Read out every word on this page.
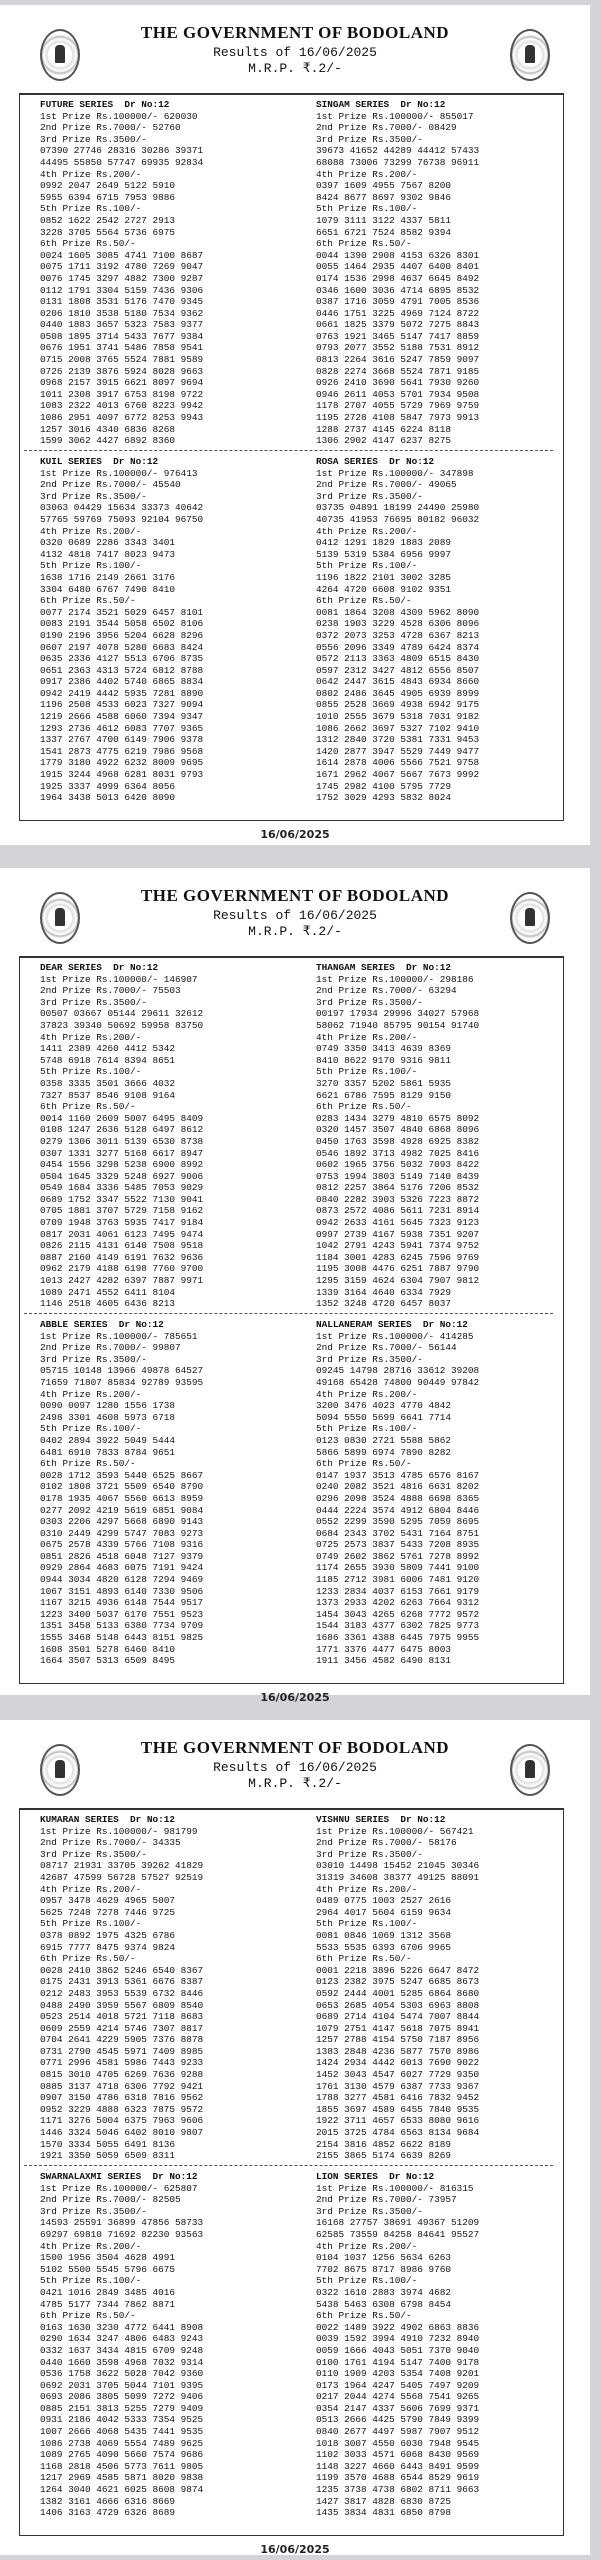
THE GOVERNMENT OF BODOLAND
Results of 16/06/2025
M.R.P. ₹.2/-
FUTURE SERIES  Dr No:12
1st Prize Rs.100000/- 620030
2nd Prize Rs.7000/- 52760
3rd Prize Rs.3500/-
07390 27746 28316 30286 39371
44495 55850 57747 69935 92834
4th Prize Rs.200/-
0992 2047 2649 5122 5910
5955 6394 6715 7953 9886
5th Prize Rs.100/-
0852 1622 2542 2727 2913
3228 3705 5564 5736 6975
6th Prize Rs.50/-
0024 1605 3085 4741 7100 8687
0075 1711 3192 4780 7269 9047
0076 1745 3297 4882 7300 9287
0112 1791 3304 5159 7436 9306
0131 1808 3531 5176 7470 9345
0206 1810 3538 5180 7534 9362
0440 1883 3657 5323 7583 9377
0508 1895 3714 5433 7677 9384
0676 1951 3741 5486 7858 9541
0715 2008 3765 5524 7881 9589
0726 2139 3876 5924 8028 9663
0968 2157 3915 6621 8097 9694
1011 2308 3917 6753 8198 9722
1083 2322 4013 6760 8223 9942
1086 2951 4097 6772 8253 9943
1257 3016 4340 6836 8268
1599 3062 4427 6892 8360
SINGAM SERIES  Dr No:12
1st Prize Rs.100000/- 855017
2nd Prize Rs.7000/- 08429
3rd Prize Rs.3500/-
39673 41652 44289 44412 57433
68088 73006 73299 76738 96911
4th Prize Rs.200/-
0397 1609 4955 7567 8200
8424 8677 8697 9302 9846
5th Prize Rs.100/-
1079 3111 3122 4337 5811
6651 6721 7524 8582 9394
6th Prize Rs.50/-
0044 1390 2908 4153 6326 8301
0055 1464 2935 4407 6400 8401
0174 1536 2998 4637 6645 8492
0346 1600 3036 4714 6895 8532
0387 1716 3059 4791 7005 8536
0446 1751 3225 4969 7124 8722
0661 1825 3379 5072 7275 8843
0763 1921 3465 5147 7417 8859
0793 2077 3552 5188 7531 8912
0813 2264 3616 5247 7859 9097
0828 2274 3668 5524 7871 9185
0926 2410 3690 5641 7930 9260
0946 2611 4053 5701 7934 9508
1178 2707 4055 5729 7969 9759
1195 2728 4108 5847 7973 9913
1288 2737 4145 6224 8118
1306 2902 4147 6237 8275
KUIL SERIES  Dr No:12
1st Prize Rs.100000/- 976413
2nd Prize Rs.7000/- 45540
3rd Prize Rs.3500/-
03063 04429 15634 33373 40642
57765 59769 75093 92104 96750
4th Prize Rs.200/-
0320 0689 2286 3343 3401
4132 4818 7417 8023 9473
5th Prize Rs.100/-
1638 1716 2149 2661 3176
3304 6480 6767 7490 8410
6th Prize Rs.50/-
0077 2174 3521 5029 6457 8101
0083 2191 3544 5058 6502 8106
0190 2196 3956 5204 6628 8296
0607 2197 4078 5280 6683 8424
0635 2336 4127 5513 6706 8735
0651 2363 4313 5724 6812 8788
0917 2386 4402 5740 6865 8834
0942 2419 4442 5935 7281 8890
1196 2508 4533 6023 7327 9094
1219 2666 4588 6060 7394 9347
1293 2736 4612 6083 7707 9365
1337 2767 4700 6149 7906 9378
1541 2873 4775 6219 7986 9568
1779 3180 4922 6232 8009 9695
1915 3244 4968 6281 8031 9793
1925 3337 4999 6364 8056
1964 3438 5013 6420 8090
ROSA SERIES  Dr No:12
1st Prize Rs.100000/- 347898
2nd Prize Rs.7000/- 49065
3rd Prize Rs.3500/-
03735 04891 18199 24490 25980
40735 41953 76695 80182 96032
4th Prize Rs.200/-
0412 1291 1829 1883 2089
5139 5319 5384 6956 9997
5th Prize Rs.100/-
1196 1822 2101 3002 3285
4264 4720 6608 9102 9351
6th Prize Rs.50/-
0081 1864 3208 4309 5962 8090
0238 1903 3229 4528 6306 8096
0372 2073 3253 4728 6367 8213
0556 2096 3349 4789 6424 8374
0572 2113 3363 4809 6515 8430
0597 2312 3427 4812 6556 8507
0642 2447 3615 4843 6934 8660
0802 2486 3645 4905 6939 8999
0855 2528 3669 4938 6942 9175
1010 2555 3679 5318 7031 9182
1086 2662 3697 5327 7102 9410
1312 2840 3720 5381 7331 9453
1420 2877 3947 5529 7449 9477
1614 2878 4006 5566 7521 9758
1671 2962 4067 5667 7673 9992
1745 2982 4100 5795 7729
1752 3029 4293 5832 8024
16/06/2025
THE GOVERNMENT OF BODOLAND
Results of 16/06/2025
M.R.P. ₹.2/-
DEAR SERIES  Dr No:12
1st Prize Rs.100000/- 146907
2nd Prize Rs.7000/- 75503
3rd Prize Rs.3500/-
00507 03667 05144 29611 32612
37823 39340 50692 59958 83750
4th Prize Rs.200/-
1411 2389 4260 4412 5342
5748 6918 7614 8394 8651
5th Prize Rs.100/-
0358 3335 3501 3666 4032
7327 8537 8546 9108 9164
6th Prize Rs.50/-
0014 1160 2609 5007 6495 8409
0108 1247 2636 5128 6497 8612
0279 1306 3011 5139 6530 8738
0307 1331 3277 5168 6617 8947
0454 1556 3298 5238 6900 8992
0504 1645 3329 5248 6927 9006
0549 1684 3336 5485 7053 9029
0689 1752 3347 5522 7130 9041
0705 1881 3707 5729 7158 9162
0709 1948 3763 5935 7417 9184
0817 2031 4061 6123 7495 9474
0826 2115 4131 6140 7508 9518
0887 2160 4149 6191 7632 9636
0962 2179 4188 6198 7760 9700
1013 2427 4282 6397 7887 9971
1089 2471 4552 6411 8104
1146 2518 4605 6436 8213
THANGAM SERIES  Dr No:12
1st Prize Rs.100000/- 298186
2nd Prize Rs.7000/- 63294
3rd Prize Rs.3500/-
00197 17934 29996 34027 57968
58062 71940 85795 90154 91740
4th Prize Rs.200/-
0749 3350 3413 4639 8369
8410 8622 9170 9316 9811
5th Prize Rs.100/-
3270 3357 5202 5861 5935
6621 6786 7595 8129 9150
6th Prize Rs.50/-
0283 1434 3279 4810 6575 8092
0320 1457 3507 4840 6868 8096
0450 1763 3598 4928 6925 8382
0546 1892 3713 4982 7025 8416
0602 1965 3756 5032 7093 8422
0753 1994 3803 5149 7140 8439
0812 2257 3864 5176 7206 8532
0840 2282 3903 5326 7223 8872
0873 2572 4086 5611 7231 8914
0942 2633 4161 5645 7323 9123
0997 2739 4167 5938 7351 9207
1042 2791 4243 5941 7374 9752
1184 3001 4283 6245 7596 9769
1195 3008 4476 6251 7887 9790
1295 3159 4624 6304 7907 9812
1339 3164 4640 6334 7929
1352 3248 4720 6457 8037
ABBLE SERIES  Dr No:12
1st Prize Rs.100000/- 785651
2nd Prize Rs.7000/- 99807
3rd Prize Rs.3500/-
05715 10148 13966 49878 64527
71659 71807 85834 92789 93595
4th Prize Rs.200/-
0090 0097 1280 1556 1738
2498 3301 4608 5973 6718
5th Prize Rs.100/-
0402 2894 3922 5049 5444
6481 6910 7833 8784 9651
6th Prize Rs.50/-
0028 1712 3593 5440 6525 8667
0102 1808 3721 5509 6540 8790
0178 1935 4067 5560 6613 8959
0277 2092 4219 5619 6851 9084
0303 2206 4297 5668 6890 9143
0310 2449 4299 5747 7083 9273
0675 2578 4339 5766 7108 9316
0851 2826 4518 6048 7127 9379
0929 2864 4683 6075 7191 9424
0944 3034 4820 6128 7294 9469
1067 3151 4893 6140 7330 9506
1167 3215 4936 6148 7544 9517
1223 3400 5037 6170 7551 9523
1351 3458 5133 6380 7734 9709
1555 3468 5148 6443 8151 9825
1608 3501 5278 6460 8410
1664 3507 5313 6509 8495
NALLANERAM SERIES  Dr No:12
1st Prize Rs.100000/- 414285
2nd Prize Rs.7000/- 56144
3rd Prize Rs.3500/-
09245 14798 28716 33612 39208
49168 65428 74800 90449 97842
4th Prize Rs.200/-
3200 3476 4023 4770 4842
5094 5550 5699 6641 7714
5th Prize Rs.100/-
0123 0830 2721 5588 5862
5866 5899 6974 7890 8282
6th Prize Rs.50/-
0147 1937 3513 4785 6576 8167
0240 2082 3521 4816 6631 8202
0296 2098 3524 4888 6698 8365
0444 2224 3574 4912 6804 8446
0552 2299 3590 5295 7059 8695
0684 2343 3702 5431 7164 8751
0725 2573 3837 5433 7208 8935
0749 2602 3862 5761 7278 8992
1174 2655 3930 5809 7441 9100
1185 2712 3981 6006 7481 9120
1233 2834 4037 6153 7661 9179
1373 2933 4202 6263 7664 9312
1454 3043 4265 6268 7772 9572
1544 3183 4377 6302 7825 9773
1686 3361 4388 6445 7975 9955
1771 3376 4477 6475 8003
1911 3456 4582 6490 8131
16/06/2025
THE GOVERNMENT OF BODOLAND
Results of 16/06/2025
M.R.P. ₹.2/-
KUMARAN SERIES  Dr No:12
1st Prize Rs.100000/- 981799
2nd Prize Rs.7000/- 34335
3rd Prize Rs.3500/-
08717 21931 33705 39262 41829
42687 47599 56728 57527 92519
4th Prize Rs.200/-
0957 3478 4629 4965 5007
5625 7248 7278 7446 9725
5th Prize Rs.100/-
0378 0892 1975 4325 6786
6915 7777 8475 9374 9824
6th Prize Rs.50/-
0028 2410 3862 5246 6540 8367
0175 2431 3913 5361 6676 8387
0212 2483 3953 5539 6732 8446
0488 2490 3959 5567 6809 8540
0523 2514 4018 5721 7118 8683
0609 2559 4214 5746 7307 8817
0704 2641 4229 5905 7376 8878
0731 2790 4545 5971 7409 8985
0771 2996 4581 5986 7443 9233
0815 3010 4705 6269 7636 9288
0885 3137 4718 6306 7792 9421
0907 3150 4786 6318 7816 9562
0952 3229 4888 6323 7875 9572
1171 3276 5004 6375 7963 9606
1446 3324 5046 6402 8010 9807
1570 3334 5055 6491 8136
1921 3350 5059 6509 8311
VISHNU SERIES  Dr No:12
1st Prize Rs.100000/- 567421
2nd Prize Rs.7000/- 58176
3rd Prize Rs.3500/-
03010 14498 15452 21045 30346
31319 34608 38377 49125 88091
4th Prize Rs.200/-
0489 0775 1003 2527 2616
2964 4017 5604 6159 9634
5th Prize Rs.100/-
0081 0846 1069 1312 3568
5533 5535 6393 6706 9965
6th Prize Rs.50/-
0001 2218 3896 5226 6647 8472
0123 2382 3975 5247 6685 8673
0592 2444 4001 5285 6864 8680
0653 2685 4054 5303 6963 8808
0689 2714 4104 5474 7007 8844
1079 2751 4147 5618 7075 8941
1257 2788 4154 5750 7187 8956
1383 2848 4236 5877 7570 8986
1424 2934 4442 6013 7690 9022
1452 3043 4547 6027 7729 9350
1761 3130 4579 6387 7733 9367
1788 3277 4581 6416 7832 9452
1855 3697 4589 6455 7840 9535
1922 3711 4657 6533 8080 9616
2015 3725 4784 6563 8134 9684
2154 3816 4852 6622 8189
2155 3865 5174 6639 8269
SWARNALAXMI SERIES  Dr No:12
1st Prize Rs.100000/- 625807
2nd Prize Rs.7000/- 82505
3rd Prize Rs.3500/-
14593 25591 36899 47856 58733
69297 69810 71692 82230 93563
4th Prize Rs.200/-
1500 1956 3504 4628 4991
5102 5500 5545 5796 6675
5th Prize Rs.100/-
0421 1016 2849 3485 4016
4785 5177 7344 7862 8871
6th Prize Rs.50/-
0163 1630 3230 4772 6441 8908
0290 1634 3247 4806 6483 9243
0332 1637 3434 4815 6709 9248
0440 1660 3598 4968 7032 9314
0536 1758 3622 5028 7042 9360
0692 2031 3705 5044 7101 9395
0693 2086 3805 5099 7272 9406
0885 2151 3813 5255 7279 9409
0931 2186 4042 5333 7354 9525
1007 2666 4068 5435 7441 9535
1086 2738 4069 5554 7489 9625
1089 2765 4090 5660 7574 9686
1168 2818 4506 5773 7611 9805
1217 2969 4585 5871 8020 9838
1264 3040 4621 6025 8608 9874
1382 3161 4666 6316 8669
1406 3163 4729 6326 8689
LION SERIES  Dr No:12
1st Prize Rs.100000/- 816315
2nd Prize Rs.7000/- 73957
3rd Prize Rs.3500/-
16168 27757 38691 49367 51209
62585 73559 84258 84641 95527
4th Prize Rs.200/-
0104 1037 1256 5634 6263
7702 8675 8717 8986 9760
5th Prize Rs.100/-
0322 1610 2883 3974 4682
5438 5463 6308 6798 8454
6th Prize Rs.50/-
0022 1489 3922 4902 6863 8836
0039 1592 3994 4910 7232 8940
0059 1666 4043 5051 7370 9040
0100 1761 4194 5147 7400 9178
0110 1909 4203 5354 7408 9201
0173 1964 4247 5405 7497 9209
0217 2044 4274 5568 7541 9265
0354 2147 4337 5606 7699 9371
0513 2666 4425 5790 7849 9399
0840 2677 4497 5987 7907 9512
1018 3007 4550 6030 7948 9545
1102 3033 4571 6068 8430 9569
1148 3227 4660 6443 8491 9599
1199 3570 4688 6544 8529 9619
1235 3738 4738 6802 8711 9663
1427 3817 4828 6830 8725
1435 3834 4831 6850 8798
16/06/2025
